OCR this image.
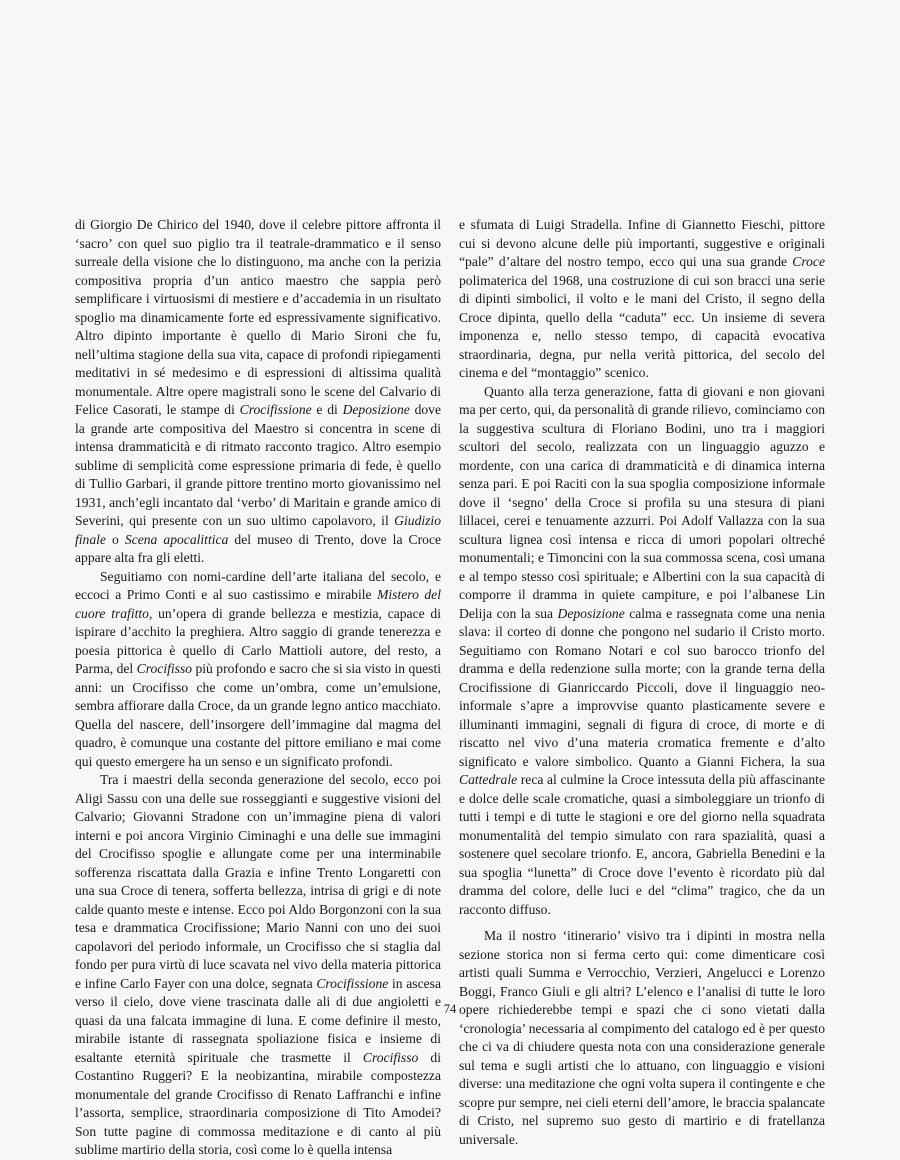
di Giorgio De Chirico del 1940, dove il celebre pittore affronta il ‘sacro’ con quel suo piglio tra il teatrale-drammatico e il senso surreale della visione che lo distinguono, ma anche con la perizia compositiva propria d’un antico maestro che sappia però semplificare i virtuosismi di mestiere e d’accademia in un risultato spoglio ma dinamicamente forte ed espressivamente significativo. Altro dipinto importante è quello di Mario Sironi che fu, nell’ultima stagione della sua vita, capace di profondi ripiegamenti meditativi in sé medesimo e di espressioni di altissima qualità monumentale. Altre opere magistrali sono le scene del Calvario di Felice Casorati, le stampe di Crocifissione e di Deposizione dove la grande arte compositiva del Maestro si concentra in scene di intensa drammaticità e di ritmato racconto tragico. Altro esempio sublime di semplicità come espressione primaria di fede, è quello di Tullio Garbari, il grande pittore trentino morto giovanissimo nel 1931, anch’egli incantato dal ‘verbo’ di Maritain e grande amico di Severini, qui presente con un suo ultimo capolavoro, il Giudizio finale o Scena apocalittica del museo di Trento, dove la Croce appare alta fra gli eletti.

Seguitiamo con nomi-cardine dell’arte italiana del secolo, e eccoci a Primo Conti e al suo castissimo e mirabile Mistero del cuore trafitto, un’opera di grande bellezza e mestizia, capace di ispirare d’acchito la preghiera. Altro saggio di grande tenerezza e poesia pittorica è quello di Carlo Mattioli autore, del resto, a Parma, del Crocifisso più profondo e sacro che si sia visto in questi anni: un Crocifisso che come un’ombra, come un’emulsione, sembra affiorare dalla Croce, da un grande legno antico macchiato. Quella del nascere, dell’insorgere dell’immagine dal magma del quadro, è comunque una costante del pittore emiliano e mai come qui questo emergere ha un senso e un significato profondi.

Tra i maestri della seconda generazione del secolo, ecco poi Aligi Sassu con una delle sue rosseggianti e suggestive visioni del Calvario; Giovanni Stradone con un’immagine piena di valori interni e poi ancora Virginio Ciminaghi e una delle sue immagini del Crocifisso spoglie e allungate come per una interminabile sofferenza riscattata dalla Grazia e infine Trento Longaretti con una sua Croce di tenera, sofferta bellezza, intrisa di grigi e di note calde quanto meste e intense. Ecco poi Aldo Borgonzoni con la sua tesa e drammatica Crocifissione; Mario Nanni con uno dei suoi capolavori del periodo informale, un Crocifisso che si staglia dal fondo per pura virtù di luce scavata nel vivo della materia pittorica e infine Carlo Fayer con una dolce, segnata Crocifissione in ascesa verso il cielo, dove viene trascinata dalle ali di due angioletti e quasi da una falcata immagine di luna. E come definire il mesto, mirabile istante di rassegnata spoliazione fisica e insieme di esaltante eternità spirituale che trasmette il Crocifisso di Costantino Ruggeri? E la neobizantina, mirabile compostezza monumentale del grande Crocifisso di Renato Laffranchi e infine l’assorta, semplice, straordinaria composizione di Tito Amodei? Son tutte pagine di commossa meditazione e di canto al più sublime martirio della storia, così come lo è quella intensa

e sfumata di Luigi Stradella. Infine di Giannetto Fieschi, pittore cui si devono alcune delle più importanti, suggestive e originali “pale” d’altare del nostro tempo, ecco qui una sua grande Croce polimaterica del 1968, una costruzione di cui son bracci una serie di dipinti simbolici, il volto e le mani del Cristo, il segno della Croce dipinta, quello della “caduta” ecc. Un insieme di severa imponenza e, nello stesso tempo, di capacità evocativa straordinaria, degna, pur nella verità pittorica, del secolo del cinema e del “montaggio” scenico.

Quanto alla terza generazione, fatta di giovani e non giovani ma per certo, qui, da personalità di grande rilievo, cominciamo con la suggestiva scultura di Floriano Bodini, uno tra i maggiori scultori del secolo, realizzata con un linguaggio aguzzo e mordente, con una carica di drammaticità e di dinamica interna senza pari. E poi Raciti con la sua spoglia composizione informale dove il ‘segno’ della Croce si profila su una stesura di piani lillacei, cerei e tenuamente azzurri. Poi Adolf Vallazza con la sua scultura lignea così intensa e ricca di umori popolari oltreché monumentali; e Timoncini con la sua commossa scena, così umana e al tempo stesso così spirituale; e Albertini con la sua capacità di comporre il dramma in quiete campiture, e poi l’albanese Lin Delija con la sua Deposizione calma e rassegnata come una nenia slava: il corteo di donne che pongono nel sudario il Cristo morto. Seguitiamo con Romano Notari e col suo barocco trionfo del dramma e della redenzione sulla morte; con la grande terna della Crocifissione di Gianriccardo Piccoli, dove il linguaggio neo-informale s’apre a improvvise quanto plasticamente severe e illuminanti immagini, segnali di figura di croce, di morte e di riscatto nel vivo d’una materia cromatica fremente e d’alto significato e valore simbolico. Quanto a Gianni Fichera, la sua Cattedrale reca al culmine la Croce intessuta della più affascinante e dolce delle scale cromatiche, quasi a simboleggiare un trionfo di tutti i tempi e di tutte le stagioni e ore del giorno nella squadrata monumentalità del tempio simulato con rara spazialità, quasi a sostenere quel secolare trionfo. E, ancora, Gabriella Benedini e la sua spoglia “lunetta” di Croce dove l’evento è ricordato più dal dramma del colore, delle luci e del “clima” tragico, che da un racconto diffuso.

Ma il nostro ‘itinerario’ visivo tra i dipinti in mostra nella sezione storica non si ferma certo qui: come dimenticare così artisti quali Summa e Verrocchio, Verzieri, Angelucci e Lorenzo Boggi, Franco Giuli e gli altri? L’elenco e l’analisi di tutte le loro opere richiederebbe tempi e spazi che ci sono vietati dalla ‘cronologia’ necessaria al compimento del catalogo ed è per questo che ci va di chiudere questa nota con una considerazione generale sul tema e sugli artisti che lo attuano, con linguaggio e visioni diverse: una meditazione che ogni volta supera il contingente e che scopre pur sempre, nei cieli eterni dell’amore, le braccia spalancate di Cristo, nel supremo suo gesto di martirio e di fratellanza universale.

74
